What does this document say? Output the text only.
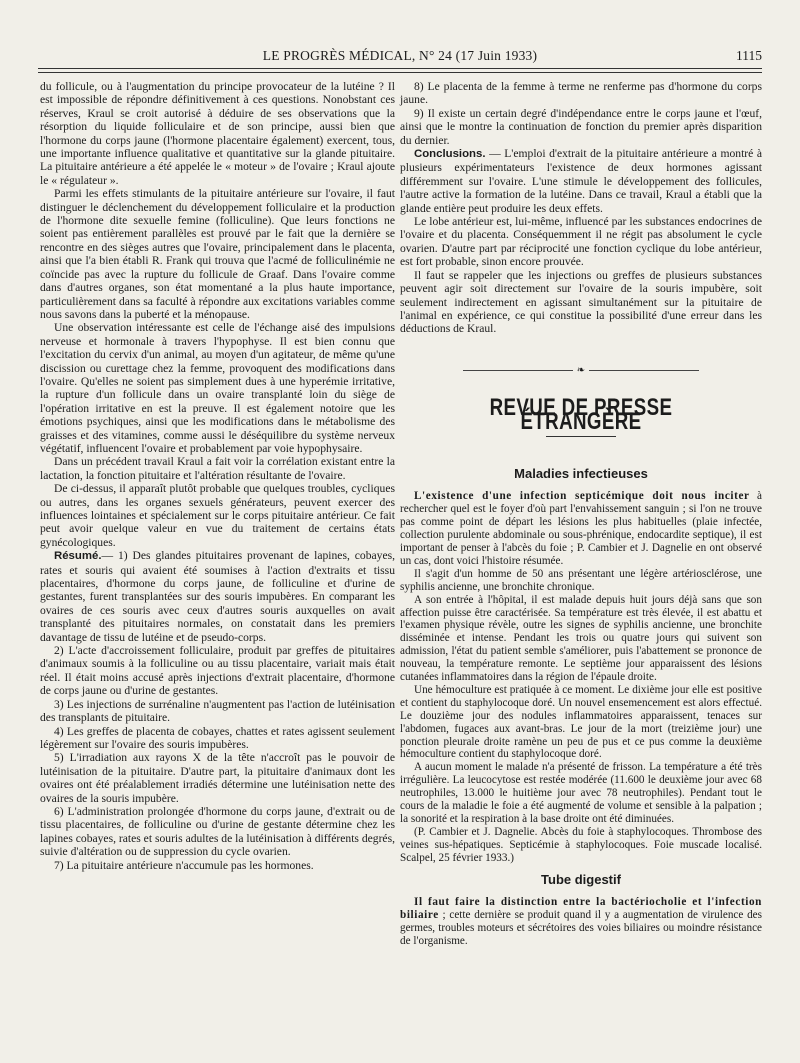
LE PROGRÈS MÉDICAL, N° 24 (17 Juin 1933)	1115

du follicule, ou à l'augmentation du principe provocateur de la lutéine ? Il est impossible de répondre définitivement à ces questions. Nonobstant ces réserves, Kraul se croit autorisé à déduire de ses observations que la résorption du liquide folliculaire et de son principe, aussi bien que l'hormone du corps jaune (l'hormone placentaire également) exercent, tous, une importante influence qualitative et quantitative sur la glande pituitaire. La pituitaire antérieure a été appelée le « moteur » de l'ovaire ; Kraul ajoute le « régulateur ».

Parmi les effets stimulants de la pituitaire antérieure sur l'ovaire, il faut distinguer le déclenchement du développement folliculaire et la production de l'hormone dite sexuelle femine (folliculine). Que leurs fonctions ne soient pas entièrement parallèles est prouvé par le fait que la dernière se rencontre en des sièges autres que l'ovaire, principalement dans le placenta, ainsi que l'a bien établi R. Frank qui trouva que l'acmé de folliculinémie ne coïncide pas avec la rupture du follicule de Graaf. Dans l'ovaire comme dans d'autres organes, son état momentané a la plus haute importance, particulièrement dans sa faculté à répondre aux excitations variables comme nous savons dans la puberté et la ménopause.

Une observation intéressante est celle de l'échange aisé des impulsions nerveuse et hormonale à travers l'hypophyse. Il est bien connu que l'excitation du cervix d'un animal, au moyen d'un agitateur, de même qu'une discission ou curettage chez la femme, provoquent des modifications dans l'ovaire. Qu'elles ne soient pas simplement dues à une hyperémie irritative, la rupture d'un follicule dans un ovaire transplanté loin du siège de l'opération irritative en est la preuve. Il est également notoire que les émotions psychiques, ainsi que les modifications dans le métabolisme des graisses et des vitamines, comme aussi le déséquilibre du système nerveux végétatif, influencent l'ovaire et probablement par voie hypophysaire.

Dans un précédent travail Kraul a fait voir la corrélation existant entre la lactation, la fonction pituitaire et l'altération résultante de l'ovaire.

De ci-dessus, il apparaît plutôt probable que quelques troubles, cycliques ou autres, dans les organes sexuels générateurs, peuvent exercer des influences lointaines et spécialement sur le corps pituitaire antérieur. Ce fait peut avoir quelque valeur en vue du traitement de certains états gynécologiques.

Résumé.— 1) Des glandes pituitaires provenant de lapines, cobayes, rates et souris qui avaient été soumises à l'action d'extraits et tissu placentaires, d'hormone du corps jaune, de folliculine et d'urine de gestantes, furent transplantées sur des souris impubères. En comparant les ovaires de ces souris avec ceux d'autres souris auxquelles on avait transplanté des pituitaires normales, on constatait dans les premiers davantage de tissu de lutéine et de pseudo-corps.

2) L'acte d'accroissement folliculaire, produit par greffes de pituitaires d'animaux soumis à la folliculine ou au tissu placentaire, variait mais était réel. Il était moins accusé après injections d'extrait placentaire, d'hormone de corps jaune ou d'urine de gestantes.

3) Les injections de surrénaline n'augmentent pas l'action de lutéinisation des transplants de pituitaire.

4) Les greffes de placenta de cobayes, chattes et rates agissent seulement légèrement sur l'ovaire des souris impubères.

5) L'irradiation aux rayons X de la tête n'accroît pas le pouvoir de lutéinisation de la pituitaire. D'autre part, la pituitaire d'animaux dont les ovaires ont été préalablement irradiés détermine une lutéinisation nette des ovaires de la souris impubère.

6) L'administration prolongée d'hormone du corps jaune, d'extrait ou de tissu placentaires, de folliculine ou d'urine de gestante détermine chez les lapines cobayes, rates et souris adultes de la lutéinisation à différents degrés, suivie d'altération ou de suppression du cycle ovarien.

7) La pituitaire antérieure n'accumule pas les hormones.

8) Le placenta de la femme à terme ne renferme pas d'hormone du corps jaune.

9) Il existe un certain degré d'indépendance entre le corps jaune et l'œuf, ainsi que le montre la continuation de fonction du premier après disparition du dernier.

Conclusions. — L'emploi d'extrait de la pituitaire antérieure a montré à plusieurs expérimentateurs l'existence de deux hormones agissant différemment sur l'ovaire. L'une stimule le développement des follicules, l'autre active la formation de la lutéine. Dans ce travail, Kraul a établi que la glande entière peut produire les deux effets.

Le lobe antérieur est, lui-même, influencé par les substances endocrines de l'ovaire et du placenta. Conséquemment il ne régit pas absolument le cycle ovarien. D'autre part par réciprocité une fonction cyclique du lobe antérieur, est fort probable, sinon encore prouvée.

Il faut se rappeler que les injections ou greffes de plusieurs substances peuvent agir soit directement sur l'ovaire de la souris impubère, soit seulement indirectement en agissant simultanément sur la pituitaire de l'animal en expérience, ce qui constitue la possibilité d'une erreur dans les déductions de Kraul.

❧
REVUE DE PRESSE ÉTRANGÈRE
Maladies infectieuses

L'existence d'une infection septicémique doit nous inciter à rechercher quel est le foyer d'où part l'envahissement sanguin ; si l'on ne trouve pas comme point de départ les lésions les plus habituelles (plaie infectée, collection purulente abdominale ou sous-phrénique, endocardite septique), il est important de penser à l'abcès du foie ; P. Cambier et J. Dagnelie en ont observé un cas, dont voici l'histoire résumée.

Il s'agit d'un homme de 50 ans présentant une légère artériosclérose, une syphilis ancienne, une bronchite chronique.

A son entrée à l'hôpital, il est malade depuis huit jours déjà sans que son affection puisse être caractérisée. Sa température est très élevée, il est abattu et l'examen physique révèle, outre les signes de syphilis ancienne, une bronchite disséminée et intense. Pendant les trois ou quatre jours qui suivent son admission, l'état du patient semble s'améliorer, puis l'abattement se prononce de nouveau, la température remonte. Le septième jour apparaissent des lésions cutanées inflammatoires dans la région de l'épaule droite.

Une hémoculture est pratiquée à ce moment. Le dixième jour elle est positive et contient du staphylocoque doré. Un nouvel ensemencement est alors effectué. Le douzième jour des nodules inflammatoires apparaissent, tenaces sur l'abdomen, fugaces aux avant-bras. Le jour de la mort (treizième jour) une ponction pleurale droite ramène un peu de pus et ce pus comme la deuxième hémoculture contient du staphylocoque doré.

A aucun moment le malade n'a présenté de frisson. La température a été très irrégulière. La leucocytose est restée modérée (11.600 le deuxième jour avec 68 neutrophiles, 13.000 le huitième jour avec 78 neutrophiles). Pendant tout le cours de la maladie le foie a été augmenté de volume et sensible à la palpation ; la sonorité et la respiration à la base droite ont été diminuées.

(P. Cambier et J. Dagnelie. Abcès du foie à staphylocoques. Thrombose des veines sus-hépatiques. Septicémie à staphylocoques. Foie muscade localisé. Scalpel, 25 février 1933.)

Tube digestif

Il faut faire la distinction entre la bactériocholie et l'infection biliaire ; cette dernière se produit quand il y a augmentation de virulence des germes, troubles moteurs et sécrétoires des voies biliaires ou moindre résistance de l'organisme.
